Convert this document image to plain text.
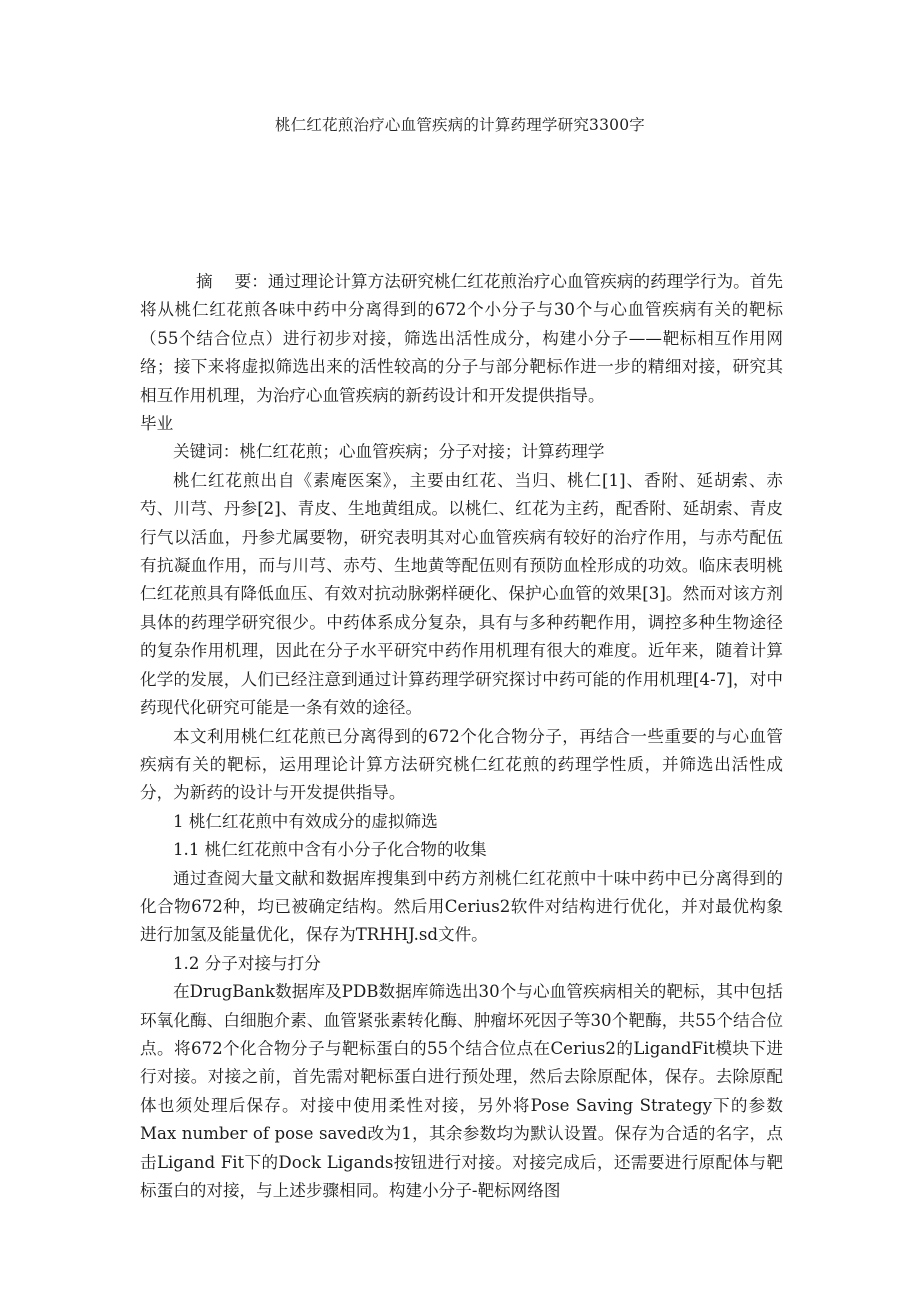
桃仁红花煎治疗心血管疾病的计算药理学研究3300字

摘 要：通过理论计算方法研究桃仁红花煎治疗心血管疾病的药理学行为。首先将从桃仁红花煎各味中药中分离得到的672个小分子与30个与心血管疾病有关的靶标（55个结合位点）进行初步对接，筛选出活性成分，构建小分子——靶标相互作用网络；接下来将虚拟筛选出来的活性较高的分子与部分靶标作进一步的精细对接，研究其相互作用机理，为治疗心血管疾病的新药设计和开发提供指导。

毕业

关键词：桃仁红花煎；心血管疾病；分子对接；计算药理学

桃仁红花煎出自《素庵医案》，主要由红花、当归、桃仁[1]、香附、延胡索、赤芍、川芎、丹参[2]、青皮、生地黄组成。以桃仁、红花为主药，配香附、延胡索、青皮行气以活血，丹参尤属要物，研究表明其对心血管疾病有较好的治疗作用，与赤芍配伍有抗凝血作用，而与川芎、赤芍、生地黄等配伍则有预防血栓形成的功效。临床表明桃仁红花煎具有降低血压、有效对抗动脉粥样硬化、保护心血管的效果[3]。然而对该方剂具体的药理学研究很少。中药体系成分复杂，具有与多种药靶作用，调控多种生物途径的复杂作用机理，因此在分子水平研究中药作用机理有很大的难度。近年来，随着计算化学的发展，人们已经注意到通过计算药理学研究探讨中药可能的作用机理[4-7]，对中药现代化研究可能是一条有效的途径。

本文利用桃仁红花煎已分离得到的672个化合物分子，再结合一些重要的与心血管疾病有关的靶标，运用理论计算方法研究桃仁红花煎的药理学性质，并筛选出活性成分，为新药的设计与开发提供指导。

1 桃仁红花煎中有效成分的虚拟筛选

1.1 桃仁红花煎中含有小分子化合物的收集

通过查阅大量文献和数据库搜集到中药方剂桃仁红花煎中十味中药中已分离得到的化合物672种，均已被确定结构。然后用Cerius2软件对结构进行优化，并对最优构象进行加氢及能量优化，保存为TRHHJ.sd文件。

1.2 分子对接与打分

在DrugBank数据库及PDB数据库筛选出30个与心血管疾病相关的靶标，其中包括环氧化酶、白细胞介素、血管紧张素转化酶、肿瘤坏死因子等30个靶酶，共55个结合位点。将672个化合物分子与靶标蛋白的55个结合位点在Cerius2的LigandFit模块下进行对接。对接之前，首先需对靶标蛋白进行预处理，然后去除原配体，保存。去除原配体也须处理后保存。对接中使用柔性对接，另外将Pose Saving Strategy下的参数Max number of pose saved改为1，其余参数均为默认设置。保存为合适的名字，点击Ligand Fit下的Dock Ligands按钮进行对接。对接完成后，还需要进行原配体与靶标蛋白的对接，与上述步骤相同。构建小分子-靶标网络图
